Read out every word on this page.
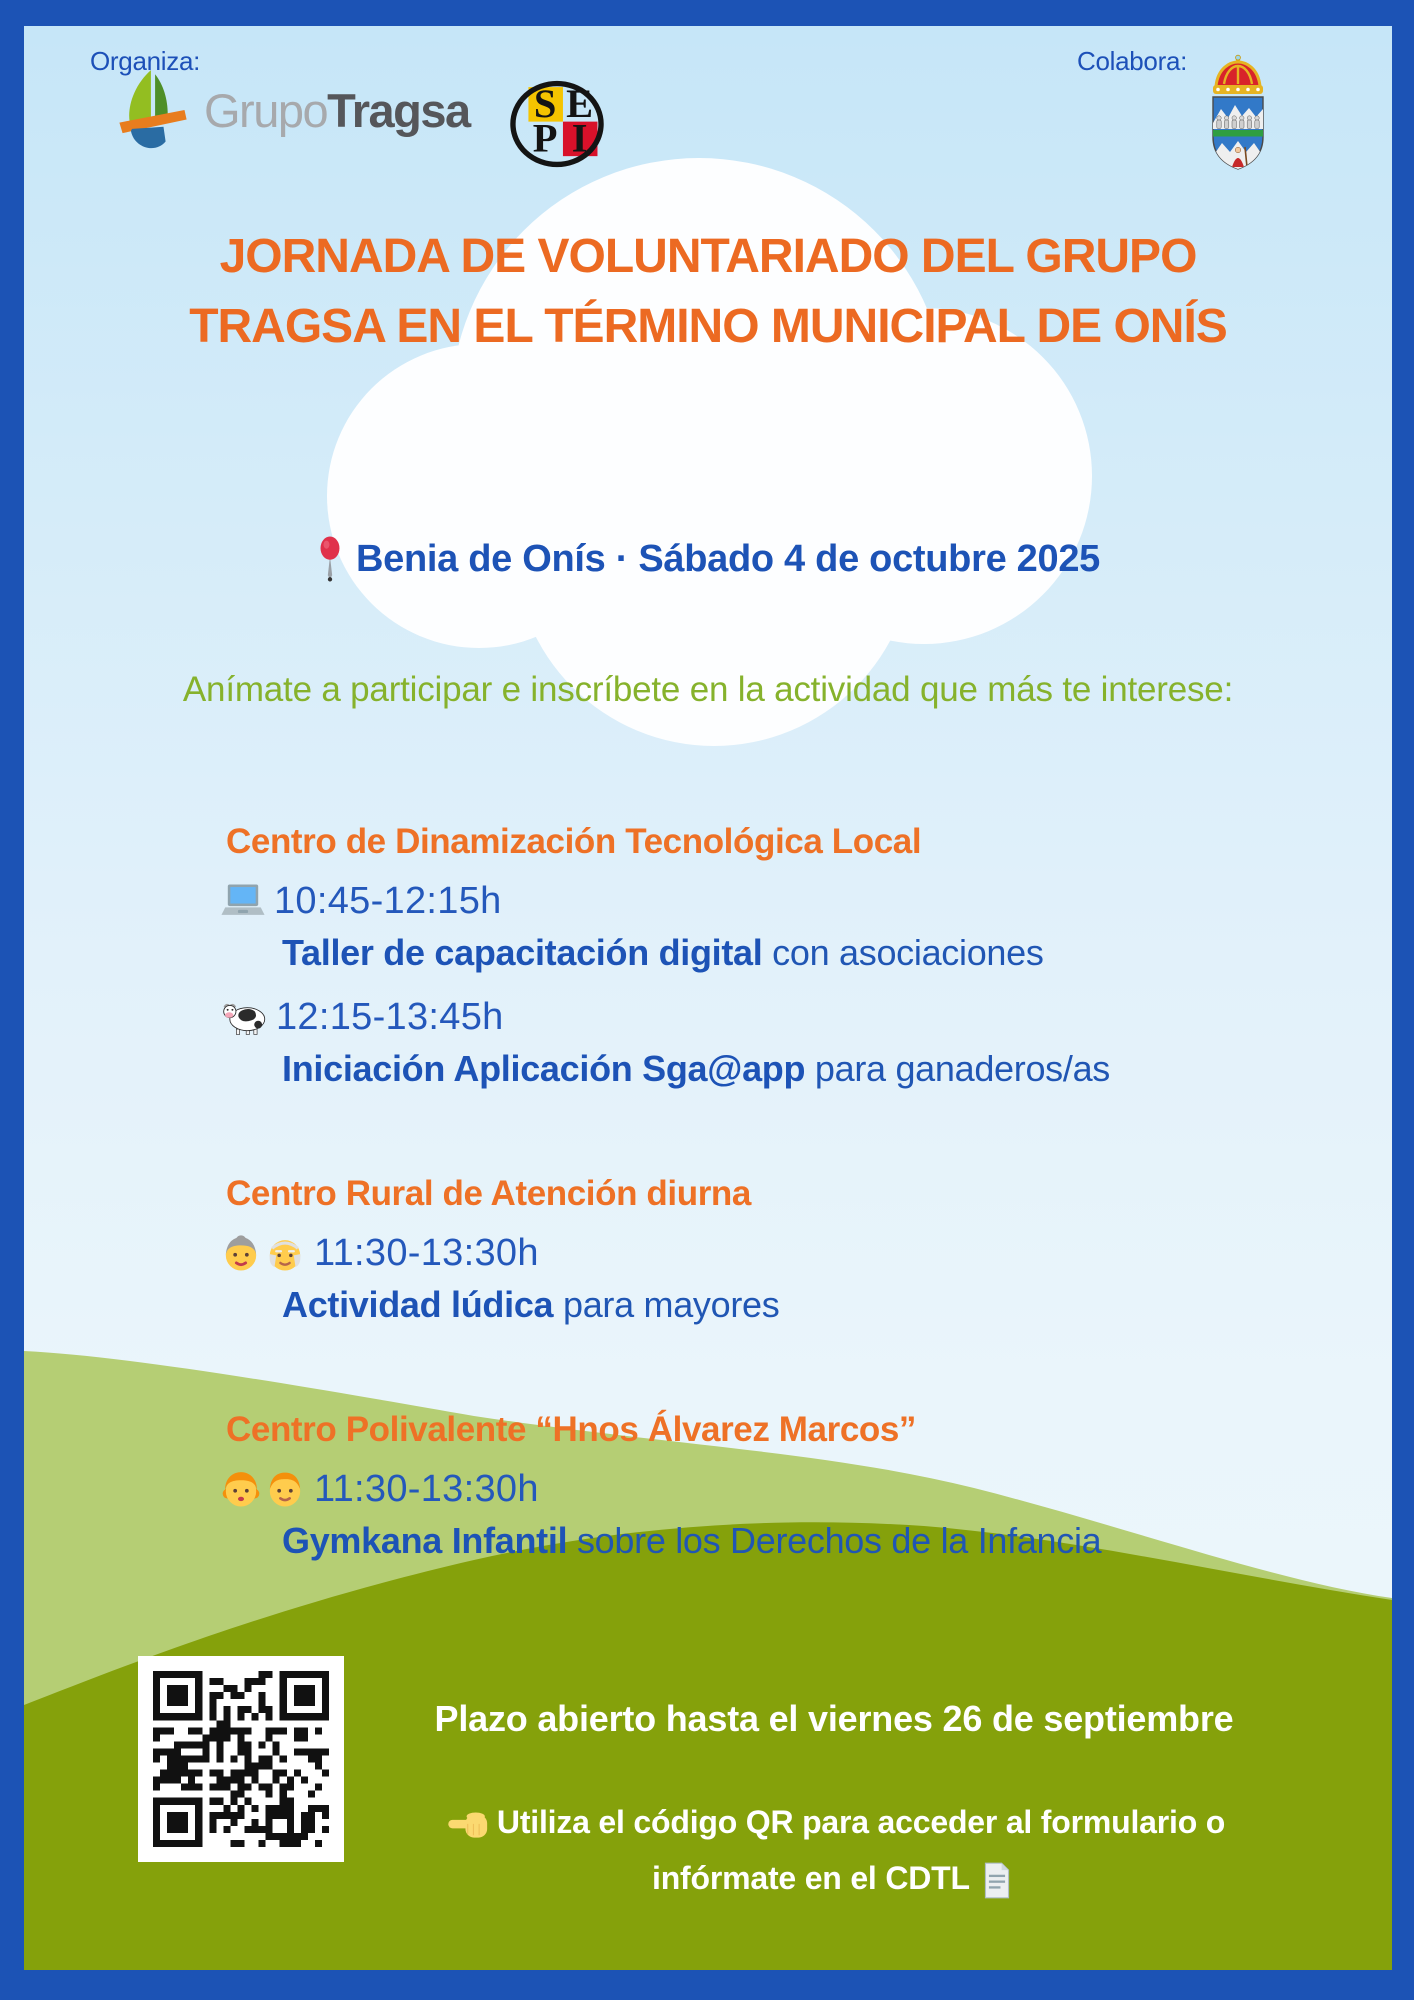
Organiza:
GrupoTragsa S E
P I
Colabora:
JORNADA DE VOLUNTARIADO DEL GRUPO TRAGSA EN EL TÉRMINO MUNICIPAL DE ONÍS
Benia de Onís · Sábado 4 de octubre 2025
Anímate a participar e inscríbete en la actividad que más te interese:
Centro de Dinamización Tecnológica Local
10:45-12:15h
Taller de capacitación digital con asociaciones
12:15-13:45h
Iniciación Aplicación Sga@app para ganaderos/as
Centro Rural de Atención diurna
11:30-13:30h
Actividad lúdica para mayores
Centro Polivalente “Hnos Álvarez Marcos”
11:30-13:30h
Gymkana Infantil sobre los Derechos de la Infancia
Plazo abierto hasta el viernes 26 de septiembre
Utiliza el código QR para acceder al formulario o
infórmate en el CDTL
